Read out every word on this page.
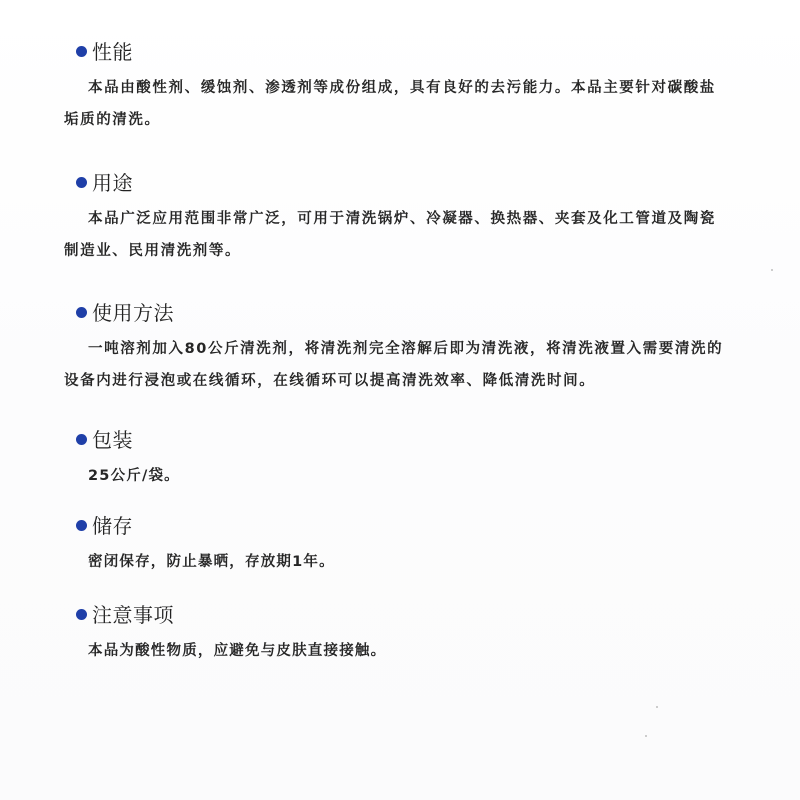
性能
本品由酸性剂、缓蚀剂、渗透剂等成份组成，具有良好的去污能力。本品主要针对碳酸盐
垢质的清洗。
用途
本品广泛应用范围非常广泛，可用于清洗锅炉、冷凝器、换热器、夹套及化工管道及陶瓷
制造业、民用清洗剂等。
使用方法
一吨溶剂加入80公斤清洗剂，将清洗剂完全溶解后即为清洗液，将清洗液置入需要清洗的
设备内进行浸泡或在线循环，在线循环可以提高清洗效率、降低清洗时间。
包装
25公斤/袋。
储存
密闭保存，防止暴晒，存放期1年。
注意事项
本品为酸性物质，应避免与皮肤直接接触。
